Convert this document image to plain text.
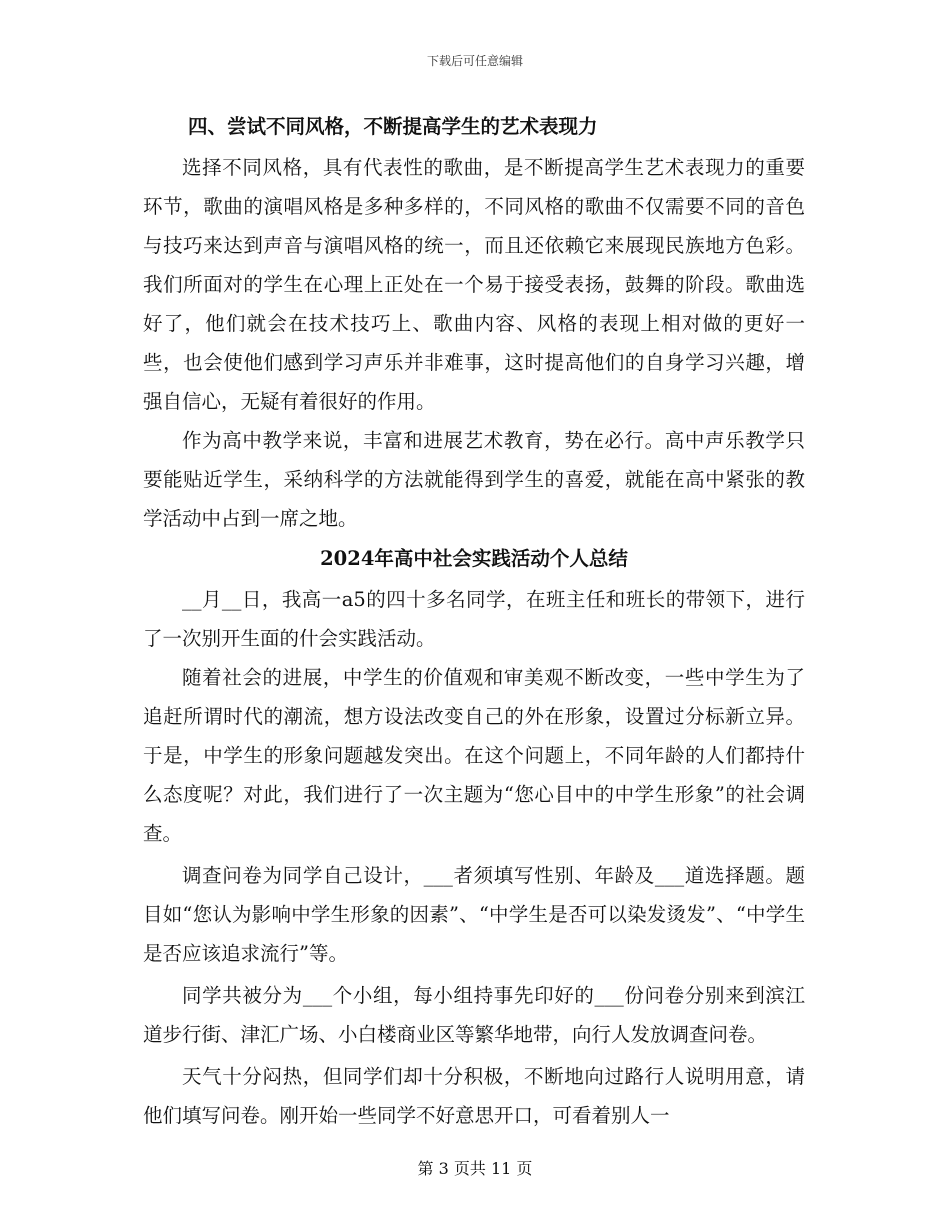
下载后可任意编辑

四、尝试不同风格，不断提高学生的艺术表现力

选择不同风格，具有代表性的歌曲，是不断提高学生艺术表现力的重要环节，歌曲的演唱风格是多种多样的，不同风格的歌曲不仅需要不同的音色与技巧来达到声音与演唱风格的统一，而且还依赖它来展现民族地方色彩。我们所面对的学生在心理上正处在一个易于接受表扬，鼓舞的阶段。歌曲选好了，他们就会在技术技巧上、歌曲内容、风格的表现上相对做的更好一些，也会使他们感到学习声乐并非难事，这时提高他们的自身学习兴趣，增强自信心，无疑有着很好的作用。

作为高中教学来说，丰富和进展艺术教育，势在必行。高中声乐教学只要能贴近学生，采纳科学的方法就能得到学生的喜爱，就能在高中紧张的教学活动中占到一席之地。

2024年高中社会实践活动个人总结

__月__日，我高一a5的四十多名同学，在班主任和班长的带领下，进行了一次别开生面的什会实践活动。

随着社会的进展，中学生的价值观和审美观不断改变，一些中学生为了追赶所谓时代的潮流，想方设法改变自己的外在形象，设置过分标新立异。于是，中学生的形象问题越发突出。在这个问题上，不同年龄的人们都持什么态度呢？对此，我们进行了一次主题为“您心目中的中学生形象”的社会调查。

调查问卷为同学自己设计，___者须填写性别、年龄及___道选择题。题目如“您认为影响中学生形象的因素”、“中学生是否可以染发烫发”、“中学生是否应该追求流行”等。

同学共被分为___个小组，每小组持事先印好的___份问卷分别来到滨江道步行街、津汇广场、小白楼商业区等繁华地带，向行人发放调查问卷。

天气十分闷热，但同学们却十分积极，不断地向过路行人说明用意，请他们填写问卷。刚开始一些同学不好意思开口，可看着别人一

第 3 页共 11 页
